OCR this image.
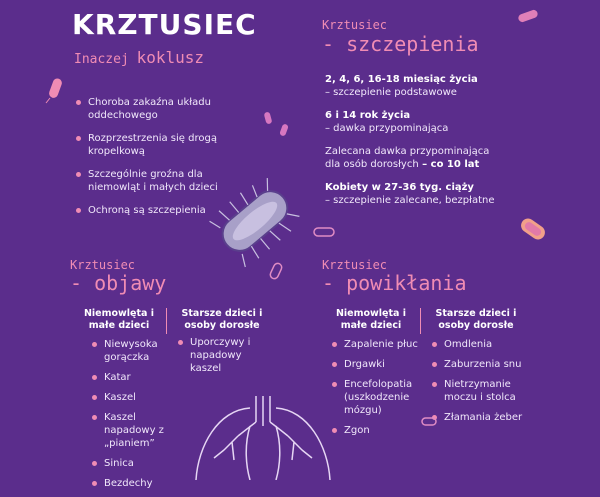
KRZTUSIEC
Inaczej koklusz
Choroba zakaźna układu oddechowego
Rozprzestrzenia się drogą kropelkową
Szczególnie groźna dla niemowląt i małych dzieci
Ochroną są szczepienia
Krztusiec
- szczepienia
2, 4, 6, 16-18 miesiąc życia
– szczepienie podstawowe
6 i 14 rok życia
– dawka przypominająca
Zalecana dawka przypominająca
dla osób dorosłych – co 10 lat
Kobiety w 27-36 tyg. ciąży
– szczepienie zalecane, bezpłatne
Krztusiec
- objawy
Niemowlęta i małe dzieci
Starsze dzieci i osoby dorosłe
Niewysoka gorączka
Katar
Kaszel
Kaszel napadowy z „pianiem”
Sinica
Bezdechy
Uporczywy i napadowy kaszel
Krztusiec
- powikłania
Niemowlęta i małe dzieci
Starsze dzieci i osoby dorosłe
Zapalenie płuc
Drgawki
Encefolopatia (uszkodzenie mózgu)
Zgon
Omdlenia
Zaburzenia snu
Nietrzymanie moczu i stolca
Złamania żeber
